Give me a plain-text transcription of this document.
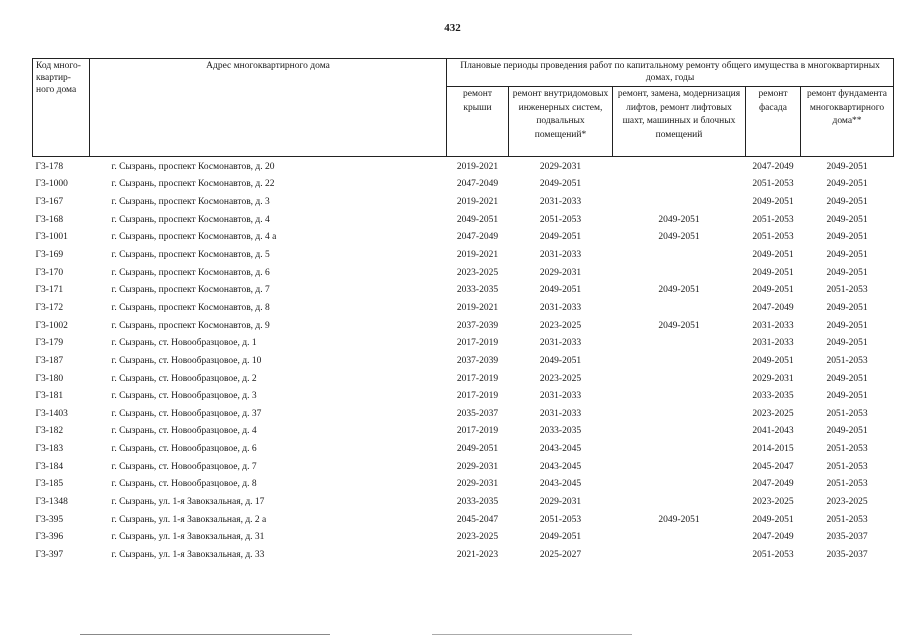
432
Код много-квартир-ного дома	Адрес многоквартирного дома	Плановые периоды проведения работ по капитальному ремонту общего имущества в многоквартирных домах, годы				
		ремонт крыши	ремонт внутридомовых инженерных систем, подвальных помещений*	ремонт, замена, модернизация лифтов, ремонт лифтовых шахт, машинных и блочных помещений	ремонт фасада	ремонт фундамента многоквартирного дома**
Г3-178	г. Сызрань, проспект Космонавтов, д. 20	2019-2021	2029-2031		2047-2049	2049-2051
Г3-1000	г. Сызрань, проспект Космонавтов, д. 22	2047-2049	2049-2051		2051-2053	2049-2051
Г3-167	г. Сызрань, проспект Космонавтов, д. 3	2019-2021	2031-2033		2049-2051	2049-2051
Г3-168	г. Сызрань, проспект Космонавтов, д. 4	2049-2051	2051-2053	2049-2051	2051-2053	2049-2051
Г3-1001	г. Сызрань, проспект Космонавтов, д. 4 а	2047-2049	2049-2051	2049-2051	2051-2053	2049-2051
Г3-169	г. Сызрань, проспект Космонавтов, д. 5	2019-2021	2031-2033		2049-2051	2049-2051
Г3-170	г. Сызрань, проспект Космонавтов, д. 6	2023-2025	2029-2031		2049-2051	2049-2051
Г3-171	г. Сызрань, проспект Космонавтов, д. 7	2033-2035	2049-2051	2049-2051	2049-2051	2051-2053
Г3-172	г. Сызрань, проспект Космонавтов, д. 8	2019-2021	2031-2033		2047-2049	2049-2051
Г3-1002	г. Сызрань, проспект Космонавтов, д. 9	2037-2039	2023-2025	2049-2051	2031-2033	2049-2051
Г3-179	г. Сызрань, ст. Новообразцовое, д. 1	2017-2019	2031-2033		2031-2033	2049-2051
Г3-187	г. Сызрань, ст. Новообразцовое, д. 10	2037-2039	2049-2051		2049-2051	2051-2053
Г3-180	г. Сызрань, ст. Новообразцовое, д. 2	2017-2019	2023-2025		2029-2031	2049-2051
Г3-181	г. Сызрань, ст. Новообразцовое, д. 3	2017-2019	2031-2033		2033-2035	2049-2051
Г3-1403	г. Сызрань, ст. Новообразцовое, д. 37	2035-2037	2031-2033		2023-2025	2051-2053
Г3-182	г. Сызрань, ст. Новообразцовое, д. 4	2017-2019	2033-2035		2041-2043	2049-2051
Г3-183	г. Сызрань, ст. Новообразцовое, д. 6	2049-2051	2043-2045		2014-2015	2051-2053
Г3-184	г. Сызрань, ст. Новообразцовое, д. 7	2029-2031	2043-2045		2045-2047	2051-2053
Г3-185	г. Сызрань, ст. Новообразцовое, д. 8	2029-2031	2043-2045		2047-2049	2051-2053
Г3-1348	г. Сызрань, ул. 1-я Завокзальная, д. 17	2033-2035	2029-2031		2023-2025	2023-2025
Г3-395	г. Сызрань, ул. 1-я Завокзальная, д. 2 а	2045-2047	2051-2053	2049-2051	2049-2051	2051-2053
Г3-396	г. Сызрань, ул. 1-я Завокзальная, д. 31	2023-2025	2049-2051		2047-2049	2035-2037
Г3-397	г. Сызрань, ул. 1-я Завокзальная, д. 33	2021-2023	2025-2027		2051-2053	2035-2037
